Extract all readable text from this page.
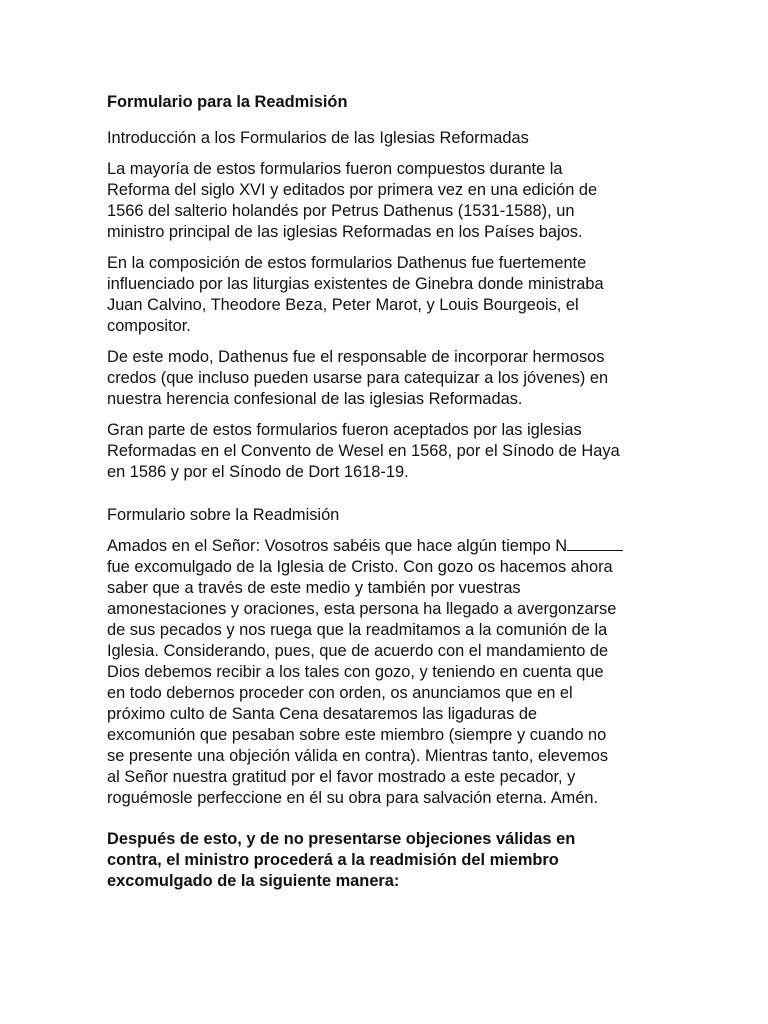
Formulario para la Readmisión
Introducción a los Formularios de las Iglesias Reformadas
La mayoría de estos formularios fueron compuestos durante la
Reforma del siglo XVI y editados por primera vez en una edición de
1566 del salterio holandés por Petrus Dathenus (1531-1588), un
ministro principal de las iglesias Reformadas en los Países bajos.
En la composición de estos formularios Dathenus fue fuertemente
influenciado por las liturgias existentes de Ginebra donde ministraba
Juan Calvino, Theodore Beza, Peter Marot, y Louis Bourgeois, el
compositor.
De este modo, Dathenus fue el responsable de incorporar hermosos
credos (que incluso pueden usarse para catequizar a los jóvenes) en
nuestra herencia confesional de las iglesias Reformadas.
Gran parte de estos formularios fueron aceptados por las iglesias
Reformadas en el Convento de Wesel en 1568, por el Sínodo de Haya
en 1586 y por el Sínodo de Dort 1618-19.
Formulario sobre la Readmisión
Amados en el Señor: Vosotros sabéis que hace algún tiempo N
fue excomulgado de la Iglesia de Cristo. Con gozo os hacemos ahora
saber que a través de este medio y también por vuestras
amonestaciones y oraciones, esta persona ha llegado a avergonzarse
de sus pecados y nos ruega que la readmitamos a la comunión de la
Iglesia. Considerando, pues, que de acuerdo con el mandamiento de
Dios debemos recibir a los tales con gozo, y teniendo en cuenta que
en todo debernos proceder con orden, os anunciamos que en el
próximo culto de Santa Cena desataremos las ligaduras de
excomunión que pesaban sobre este miembro (siempre y cuando no
se presente una objeción válida en contra). Mientras tanto, elevemos
al Señor nuestra gratitud por el favor mostrado a este pecador, y
roguémosle perfeccione en él su obra para salvación eterna. Amén.
Después de esto, y de no presentarse objeciones válidas en
contra, el ministro procederá a la readmisión del miembro
excomulgado de la siguiente manera:
